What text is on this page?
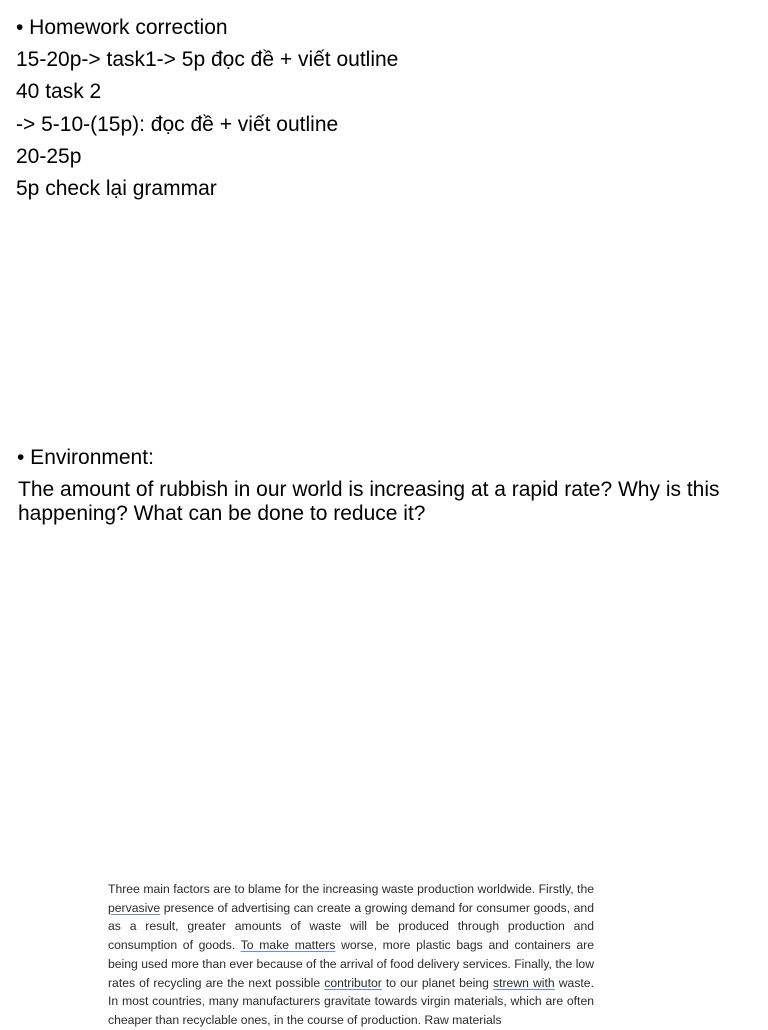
• Homework correction
15-20p-> task1-> 5p đọc đề + viết outline
40 task 2
-> 5-10-(15p): đọc đề + viết outline
20-25p
5p check lại grammar
• Environment:
The amount of rubbish in our world is increasing at a rapid rate? Why is this happening? What can be done to reduce it?
Three main factors are to blame for the increasing waste production worldwide. Firstly, the pervasive presence of advertising can create a growing demand for consumer goods, and as a result, greater amounts of waste will be produced through production and consumption of goods. To make matters worse, more plastic bags and containers are being used more than ever because of the arrival of food delivery services. Finally, the low rates of recycling are the next possible contributor to our planet being strewn with waste. In most countries, many manufacturers gravitate towards virgin materials, which are often cheaper than recyclable ones, in the course of production. Raw materials
